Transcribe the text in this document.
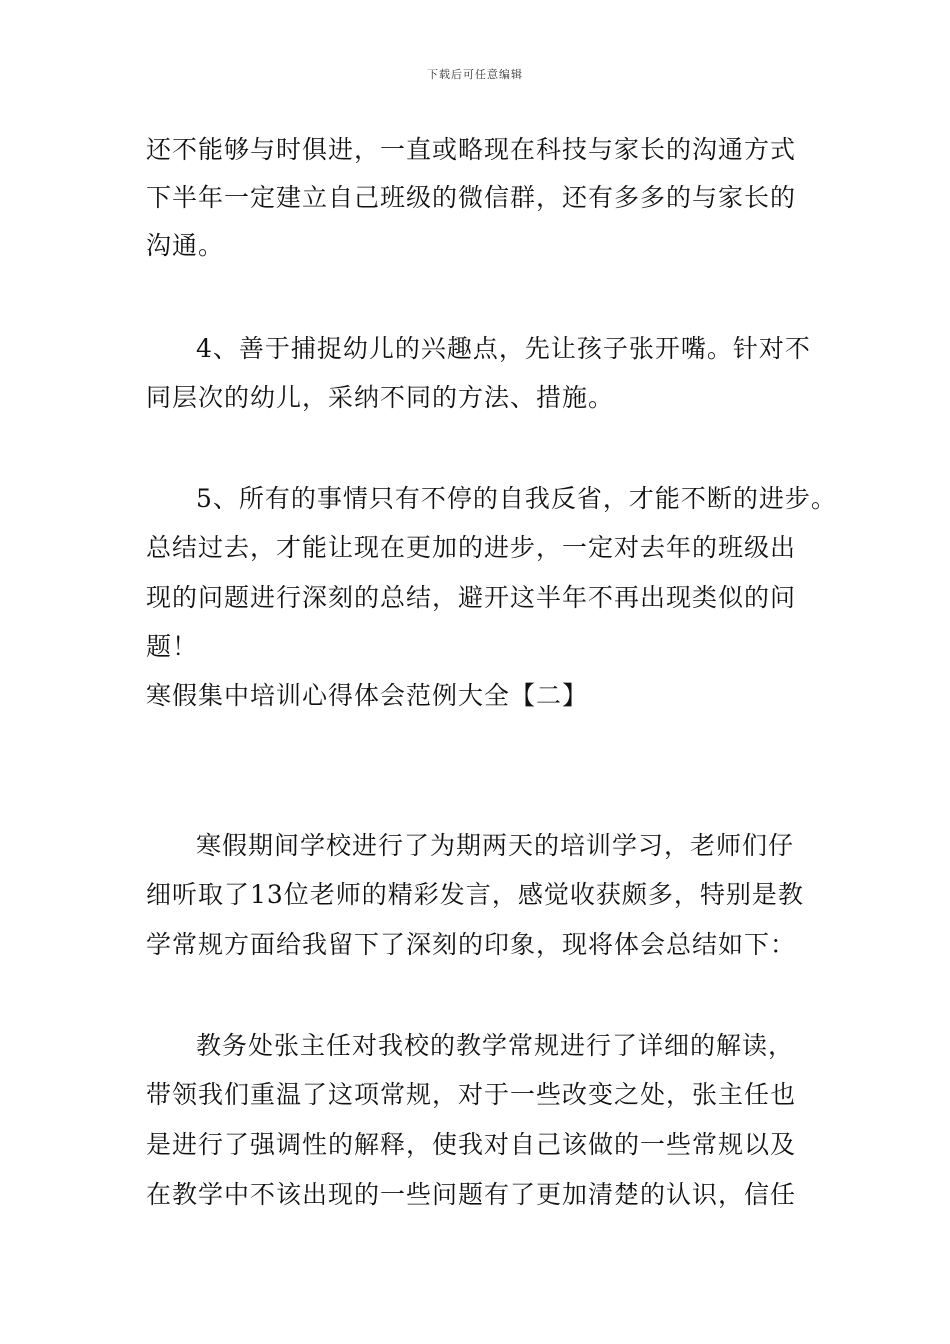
下载后可任意编辑
还不能够与时俱进，一直或略现在科技与家长的沟通方式
下半年一定建立自己班级的微信群，还有多多的与家长的
沟通。
4、善于捕捉幼儿的兴趣点，先让孩子张开嘴。针对不
同层次的幼儿，采纳不同的方法、措施。
5、所有的事情只有不停的自我反省，才能不断的进步。
总结过去，才能让现在更加的进步，一定对去年的班级出
现的问题进行深刻的总结，避开这半年不再出现类似的问
题！
寒假集中培训心得体会范例大全【二】
寒假期间学校进行了为期两天的培训学习，老师们仔
细听取了13位老师的精彩发言，感觉收获颇多，特别是教
学常规方面给我留下了深刻的印象，现将体会总结如下：
教务处张主任对我校的教学常规进行了详细的解读，
带领我们重温了这项常规，对于一些改变之处，张主任也
是进行了强调性的解释，使我对自己该做的一些常规以及
在教学中不该出现的一些问题有了更加清楚的认识，信任
